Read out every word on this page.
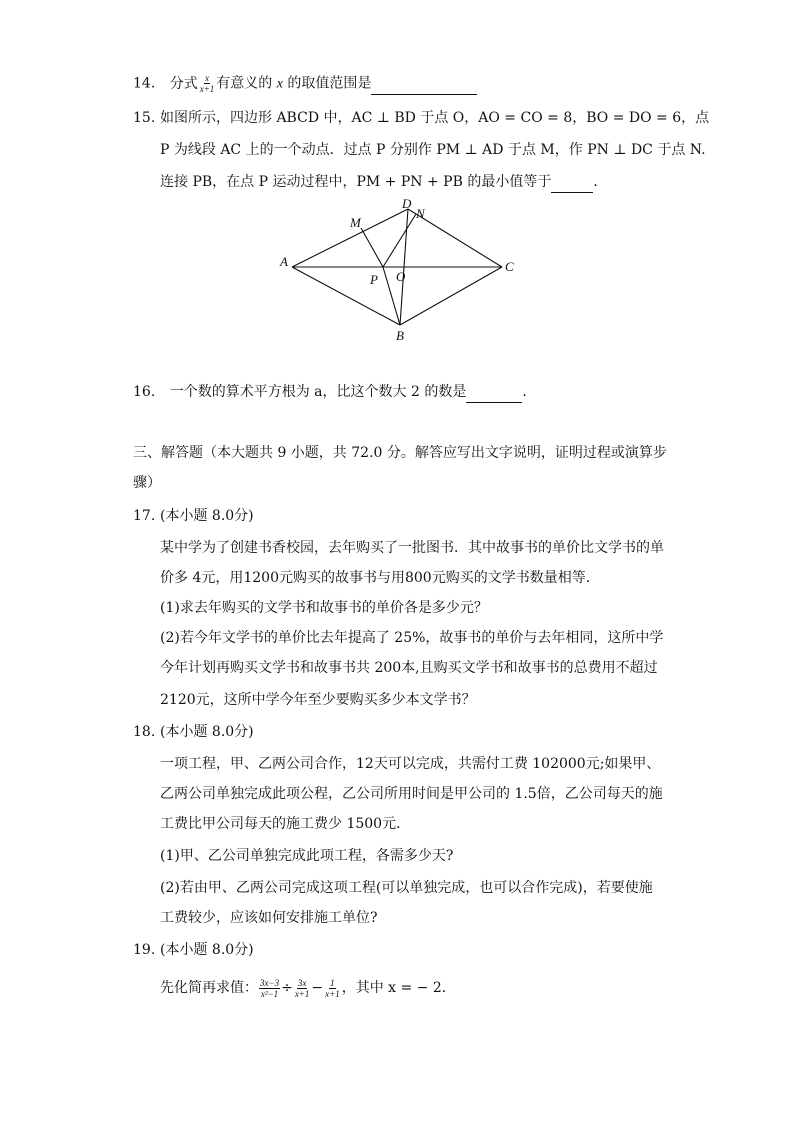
14. 分式 $\frac{x}{x+1}$ 有意义的 x 的取值范围是
15. 如图所示，四边形 ABCD 中，AC ⊥ BD 于点 O，AO = CO = 8，BO = DO = 6，点
P 为线段 AC 上的一个动点．过点 P 分别作 PM ⊥ AD 于点 M，作 PN ⊥ DC 于点 N.
连接 PB，在点 P 运动过程中，PM + PN + PB 的最小值等于	．
A
D
N
M
C
P O
B
16. 一个数的算术平方根为 a，比这个数大 2 的数是	．
三、解答题（本大题共 9 小题，共 72.0 分。解答应写出文字说明，证明过程或演算步
骤）
17. (本小题 8.0分)
某中学为了创建书香校园，去年购买了一批图书．其中故事书的单价比文学书的单
价多 4元，用1200元购买的故事书与用800元购买的文学书数量相等．
(1)求去年购买的文学书和故事书的单价各是多少元？
(2)若今年文学书的单价比去年提高了 25%，故事书的单价与去年相同，这所中学
今年计划再购买文学书和故事书共 200本,且购买文学书和故事书的总费用不超过
2120元，这所中学今年至少要购买多少本文学书？
18. (本小题 8.0分)
一项工程，甲、乙两公司合作，12天可以完成，共需付工费 102000元;如果甲、
乙两公司单独完成此项公程，乙公司所用时间是甲公司的 1.5倍，乙公司每天的施
工费比甲公司每天的施工费少 1500元．
(1)甲、乙公司单独完成此项工程，各需多少天?
(2)若由甲、乙两公司完成这项工程(可以单独完成，也可以合作完成)，若要使施
工费较少，应该如何安排施工单位?
19. (本小题 8.0分)
先化简再求值： $\frac{3x-3}{\text{x²−1}} \div \frac{3x}{x+1} - \frac{1}{x+1}$ ，其中 x = − 2．
